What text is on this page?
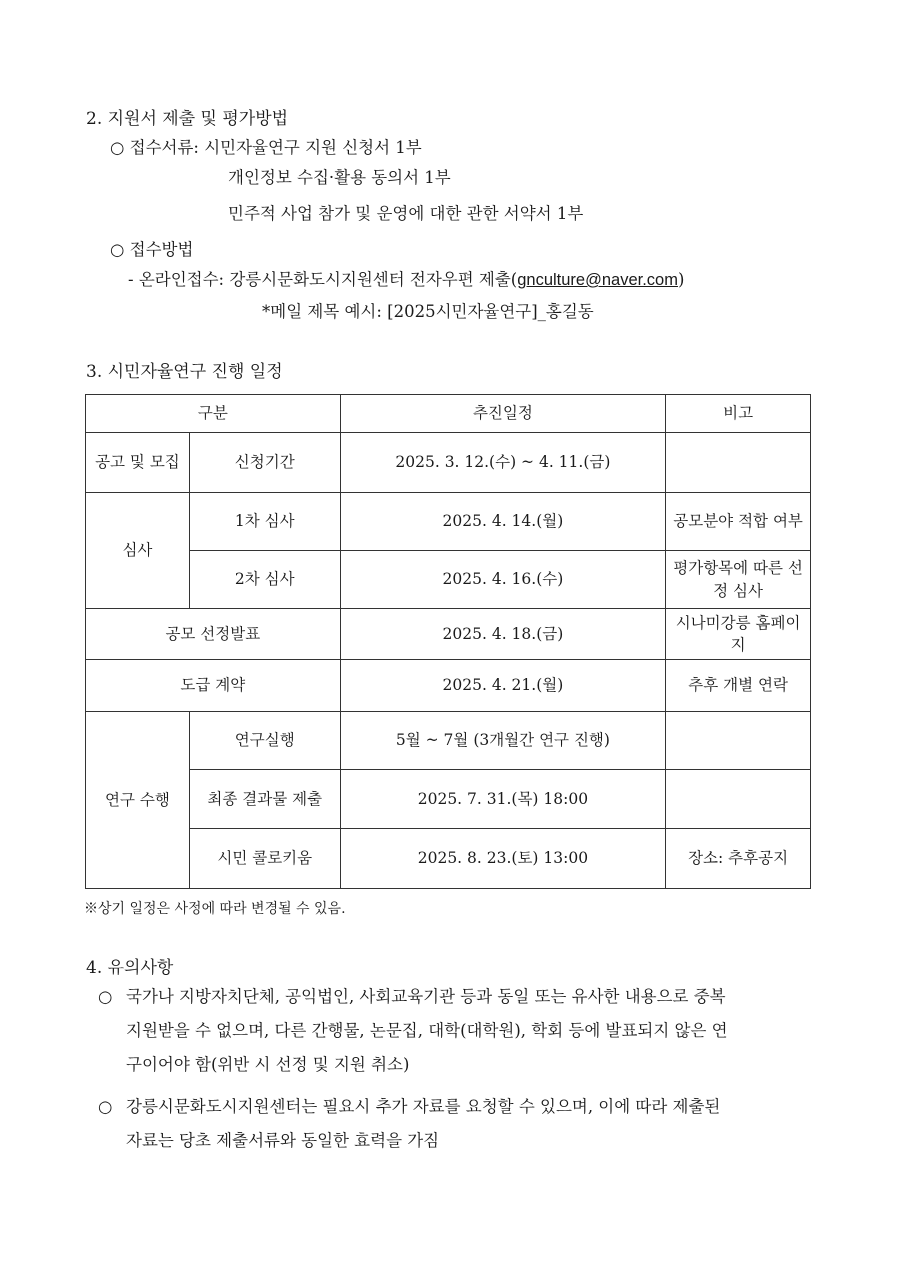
2. 지원서 제출 및 평가방법
○ 접수서류: 시민자율연구 지원 신청서 1부
개인정보 수집·활용 동의서 1부
민주적 사업 참가 및 운영에 대한 관한 서약서 1부
○ 접수방법
- 온라인접수: 강릉시문화도시지원센터 전자우편 제출(gnculture@naver.com)
*메일 제목 예시: [2025시민자율연구]_홍길동
3. 시민자율연구 진행 일정
구분		추진일정	비고
공고 및 모집	신청기간	2025. 3. 12.(수) ~ 4. 11.(금)	
심사	1차 심사	2025. 4. 14.(월)	공모분야 적합 여부
	2차 심사	2025. 4. 16.(수)	평가항목에 따른 선정 심사
공모 선정발표		2025. 4. 18.(금)	시나미강릉 홈페이지
도급 계약		2025. 4. 21.(월)	추후 개별 연락
연구 수행	연구실행	5월 ~ 7월 (3개월간 연구 진행)	
	최종 결과물 제출	2025. 7. 31.(목) 18:00	
	시민 콜로키움	2025. 8. 23.(토) 13:00	장소: 추후공지
※상기 일정은 사정에 따라 변경될 수 있음.
4. 유의사항
○ 국가나 지방자치단체, 공익법인, 사회교육기관 등과 동일 또는 유사한 내용으로 중복
지원받을 수 없으며, 다른 간행물, 논문집, 대학(대학원), 학회 등에 발표되지 않은 연
구이어야 함(위반 시 선정 및 지원 취소)
○ 강릉시문화도시지원센터는 필요시 추가 자료를 요청할 수 있으며, 이에 따라 제출된
자료는 당초 제출서류와 동일한 효력을 가짐
